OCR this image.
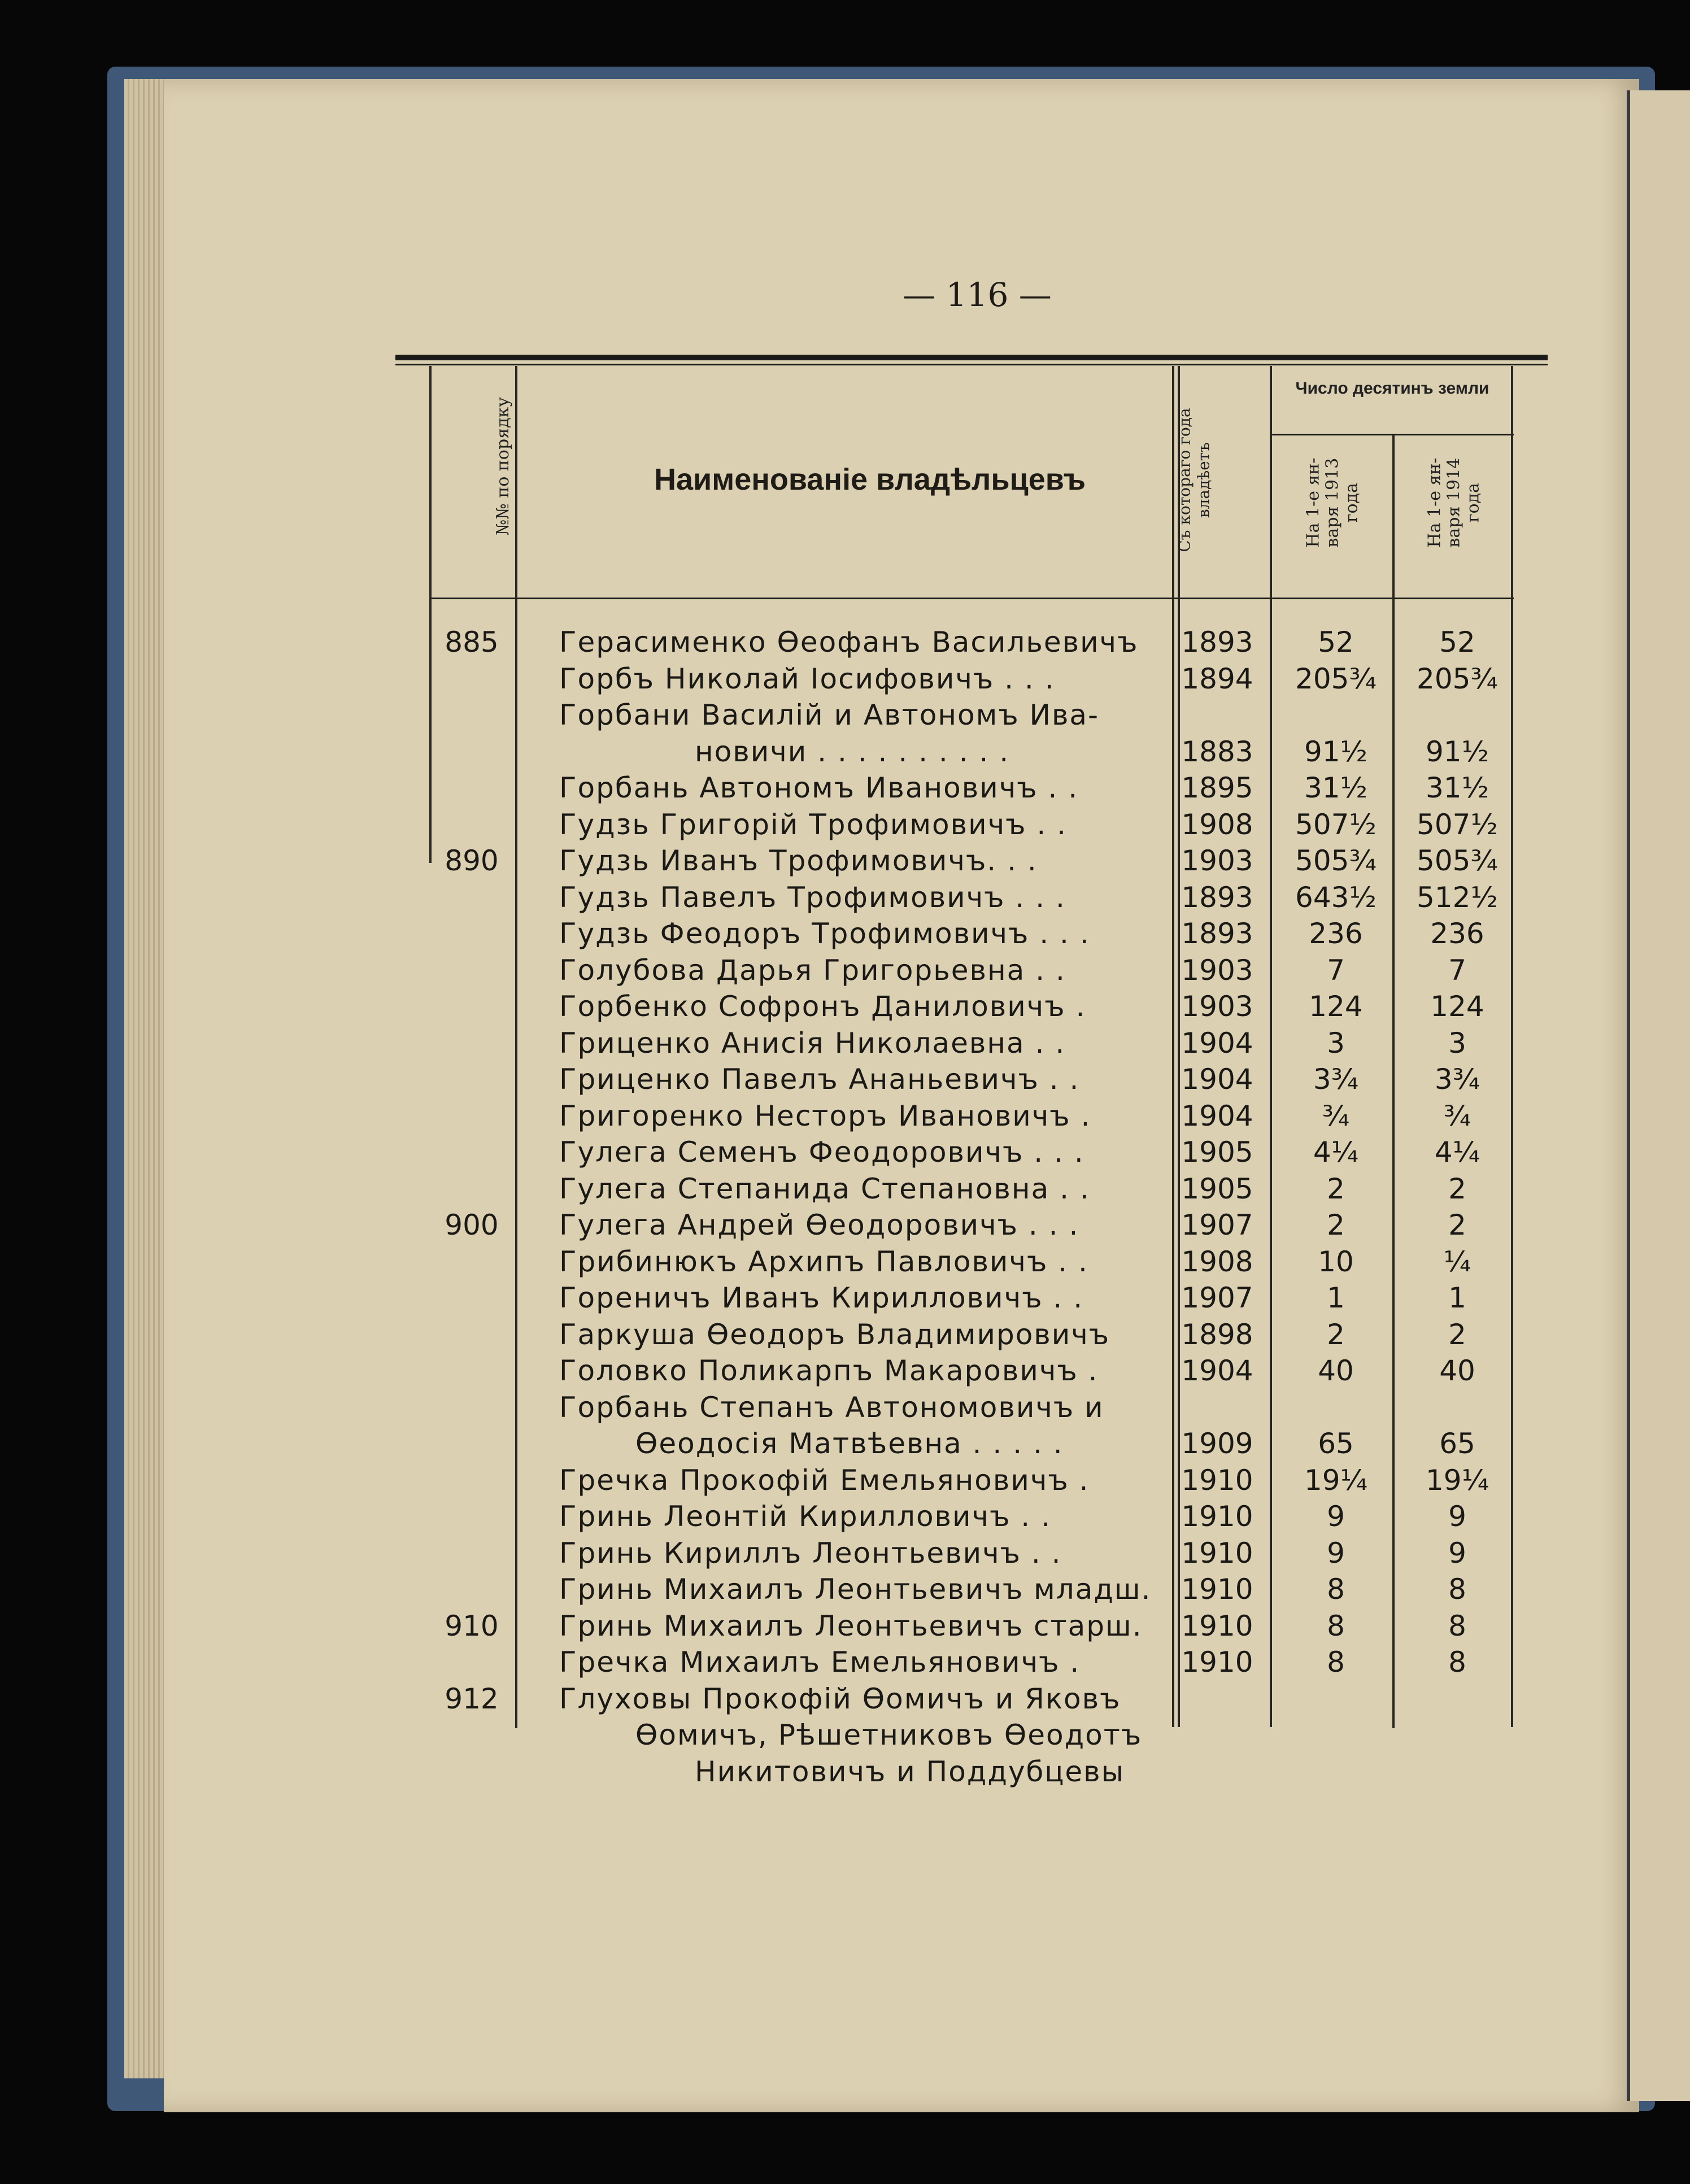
— 116 —
№№ по порядку	Наименованіе владѣльцевъ	Съ котораго года
владѣетъ
Число десятинъ земли
На 1-е ян-
варя 1913
года	На 1-е ян-
варя 1914
года
885	Герасименко Ѳеофанъ Васильевичъ	1893	52	52
Горбъ Николай Іосифовичъ . . .	1894	205¾	205¾
Горбани Василій и Автономъ Ива-
новичи . . . . . . . . . .	1883	91½	91½
Горбань Автономъ Ивановичъ . .	1895	31½	31½
Гудзь Григорій Трофимовичъ . .	1908	507½	507½
890	Гудзь Иванъ Трофимовичъ. . .	1903	505¾	505¾
Гудзь Павелъ Трофимовичъ . . .	1893	643½	512½
Гудзь Феодоръ Трофимовичъ . . .	1893	236	236
Голубова Дарья Григорьевна . .	1903	7	7
Горбенко Софронъ Даниловичъ .	1903	124	124
Гриценко Анисія Николаевна . .	1904	3	3
Гриценко Павелъ Ананьевичъ . .	1904	3¾	3¾
Григоренко Несторъ Ивановичъ .	1904	¾	¾
Гулега Семенъ Феодоровичъ . . .	1905	4¼	4¼
Гулега Степанида Степановна . .	1905	2	2
900	Гулега Андрей Ѳеодоровичъ . . .	1907	2	2
Грибинюкъ Архипъ Павловичъ . .	1908	10	¼
Гореничъ Иванъ Кирилловичъ . .	1907	1	1
Гаркуша Ѳеодоръ Владимировичъ	1898	2	2
Головко Поликарпъ Макаровичъ .	1904	40	40
Горбань Степанъ Автономовичъ и
Ѳеодосія Матвѣевна . . . . .	1909	65	65
Гречка Прокофій Емельяновичъ .	1910	19¼	19¼
Гринь Леонтій Кирилловичъ . .	1910	9	9
Гринь Кириллъ Леонтьевичъ . .	1910	9	9
Гринь Михаилъ Леонтьевичъ младш. 1910	8	8
910	Гринь Михаилъ Леонтьевичъ старш.	1910	8	8
Гречка Михаилъ Емельяновичъ .	1910	8	8
912	Глуховы Прокофій Ѳомичъ и Яковъ
Ѳомичъ, Рѣшетниковъ Ѳеодотъ
Никитовичъ и Поддубцевы
